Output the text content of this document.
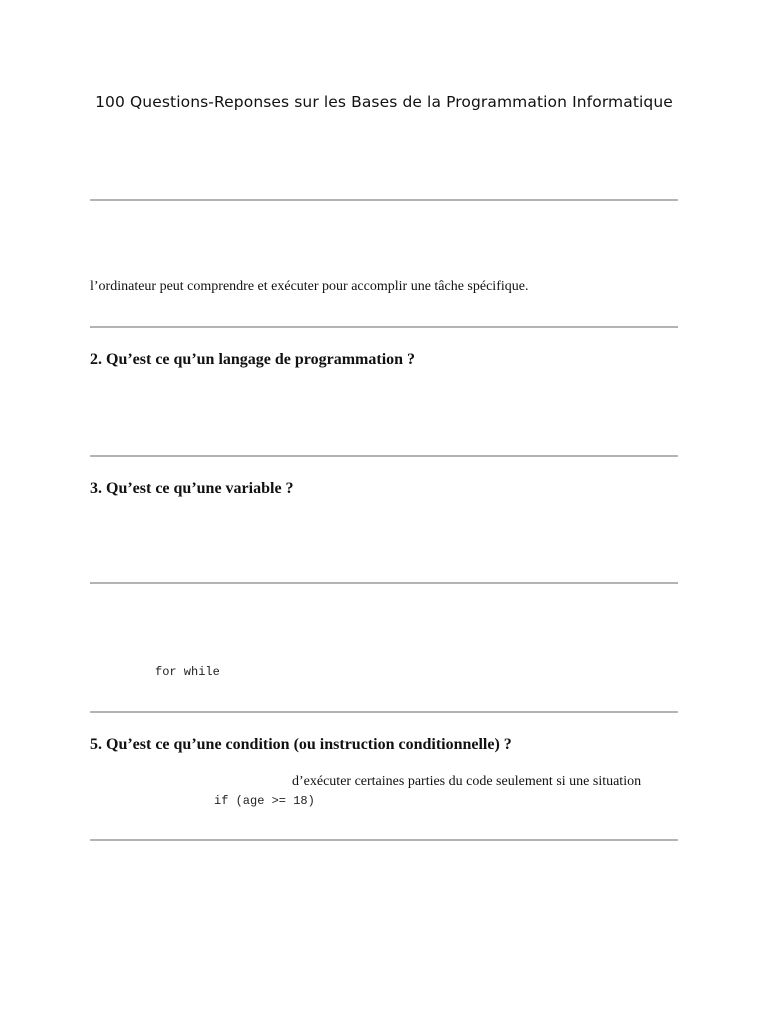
100 Questions-Reponses sur les Bases de la Programmation Informatique

l’ordinateur peut comprendre et exécuter pour accomplir une tâche spécifique.

2. Qu’est ce qu’un langage de programmation ?
3. Qu’est ce qu’une variable ?

for while

5. Qu’est ce qu’une condition (ou instruction conditionnelle) ?

d’exécuter certaines parties du code seulement si une situation

if (age >= 18)
